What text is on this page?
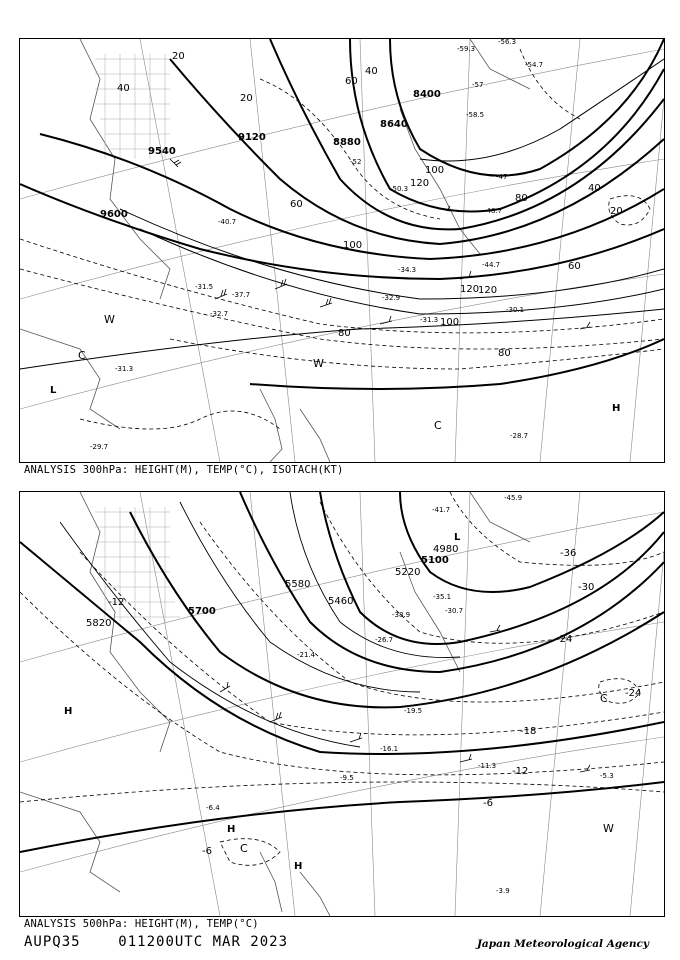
9600
9540
9120	8880
8640
8400
20
40
60
80
100
120
20
40
60
80
100
120
20
40
60
80
100
120
-59.3
-56.3
-54.7
-58.5
-57
-52
-50.3
-48.7
-47
-44.7
-40.7
-37.7
-34.3
-31.5
-32.7
-31.3
-32.9
-30.1
-28.7
-29.7
-31.3
W
C
L
C
H
W
ANALYSIS 300hPa: HEIGHT(M), TEMP(°C), ISOTACH(KT)
5820
5700
5580
5460
5220
5100
4980
-12
-12
-18
-24
-30
-36
-6
-6
-24
-45.9
-41.7
-35.1
-38.9	-30.7
-26.7
-21.4
-19.5
-16.1
-11.3
-9.5
-6.4
-5.3
-3.9
L
H
H
C
H
W
C
ANALYSIS 500hPa: HEIGHT(M), TEMP(°C)
AUPQ35	011200UTC MAR 2023	Japan Meteorological Agency
